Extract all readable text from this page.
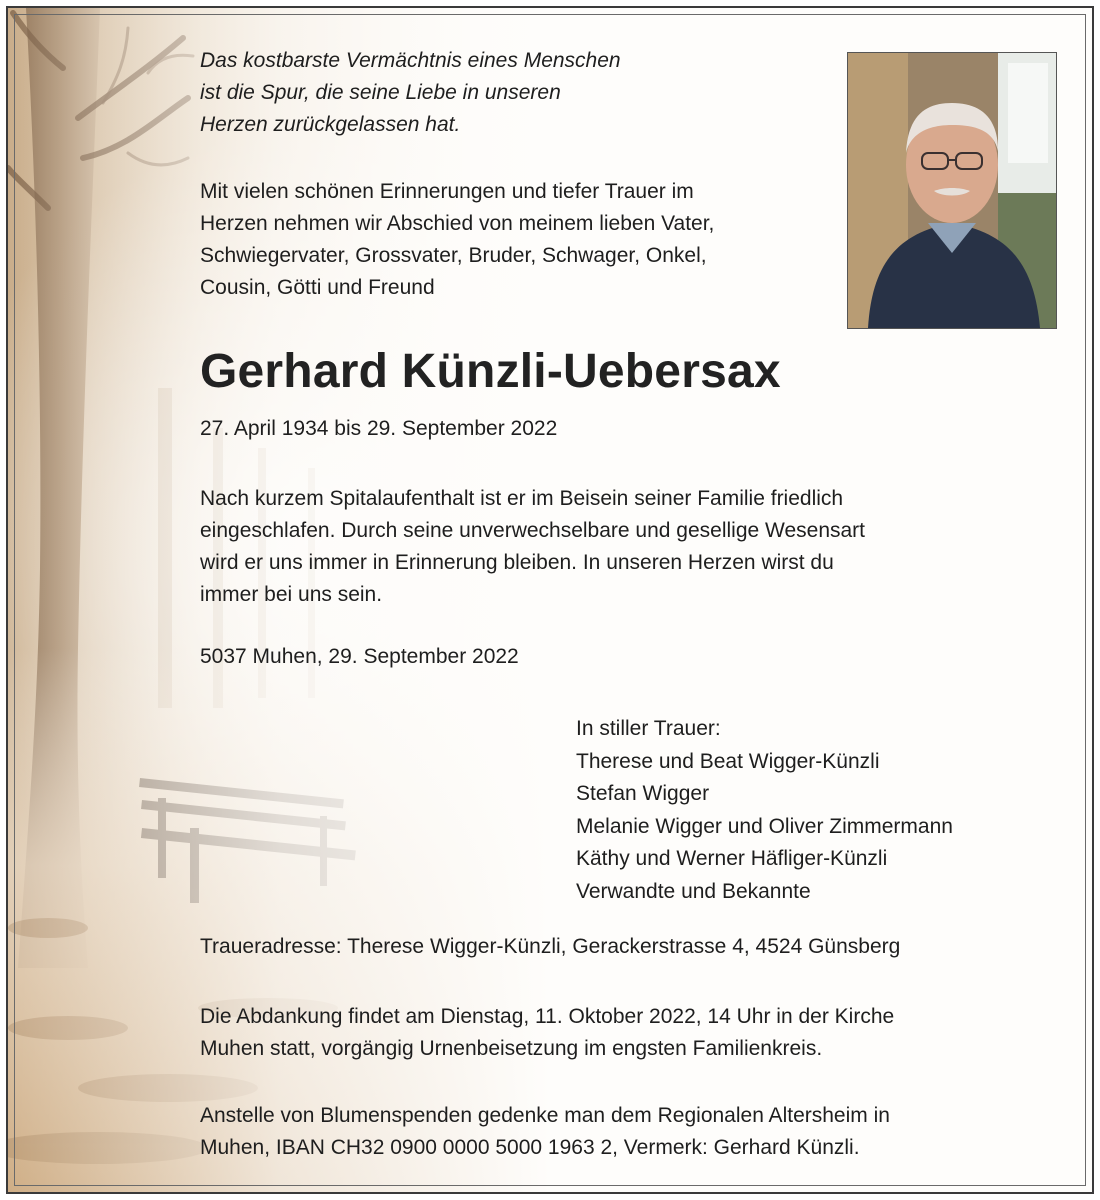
Das kostbarste Vermächtnis eines Menschen
ist die Spur, die seine Liebe in unseren
Herzen zurückgelassen hat.

Mit vielen schönen Erinnerungen und tiefer Trauer im
Herzen nehmen wir Abschied von meinem lieben Vater,
Schwiegervater, Grossvater, Bruder, Schwager, Onkel,
Cousin, Götti und Freund

Gerhard Künzli-Uebersax

27. April 1934 bis 29. September 2022

Nach kurzem Spitalaufenthalt ist er im Beisein seiner Familie friedlich
eingeschlafen. Durch seine unverwechselbare und gesellige Wesensart
wird er uns immer in Erinnerung bleiben. In unseren Herzen wirst du
immer bei uns sein.

5037 Muhen, 29. September 2022

In stiller Trauer:
Therese und Beat Wigger-Künzli
Stefan Wigger
Melanie Wigger und Oliver Zimmermann
Käthy und Werner Häfliger-Künzli
Verwandte und Bekannte

Traueradresse: Therese Wigger-Künzli, Gerackerstrasse 4, 4524 Günsberg

Die Abdankung findet am Dienstag, 11. Oktober 2022, 14 Uhr in der Kirche
Muhen statt, vorgängig Urnenbeisetzung im engsten Familienkreis.

Anstelle von Blumenspenden gedenke man dem Regionalen Altersheim in
Muhen, IBAN CH32 0900 0000 5000 1963 2, Vermerk: Gerhard Künzli.
